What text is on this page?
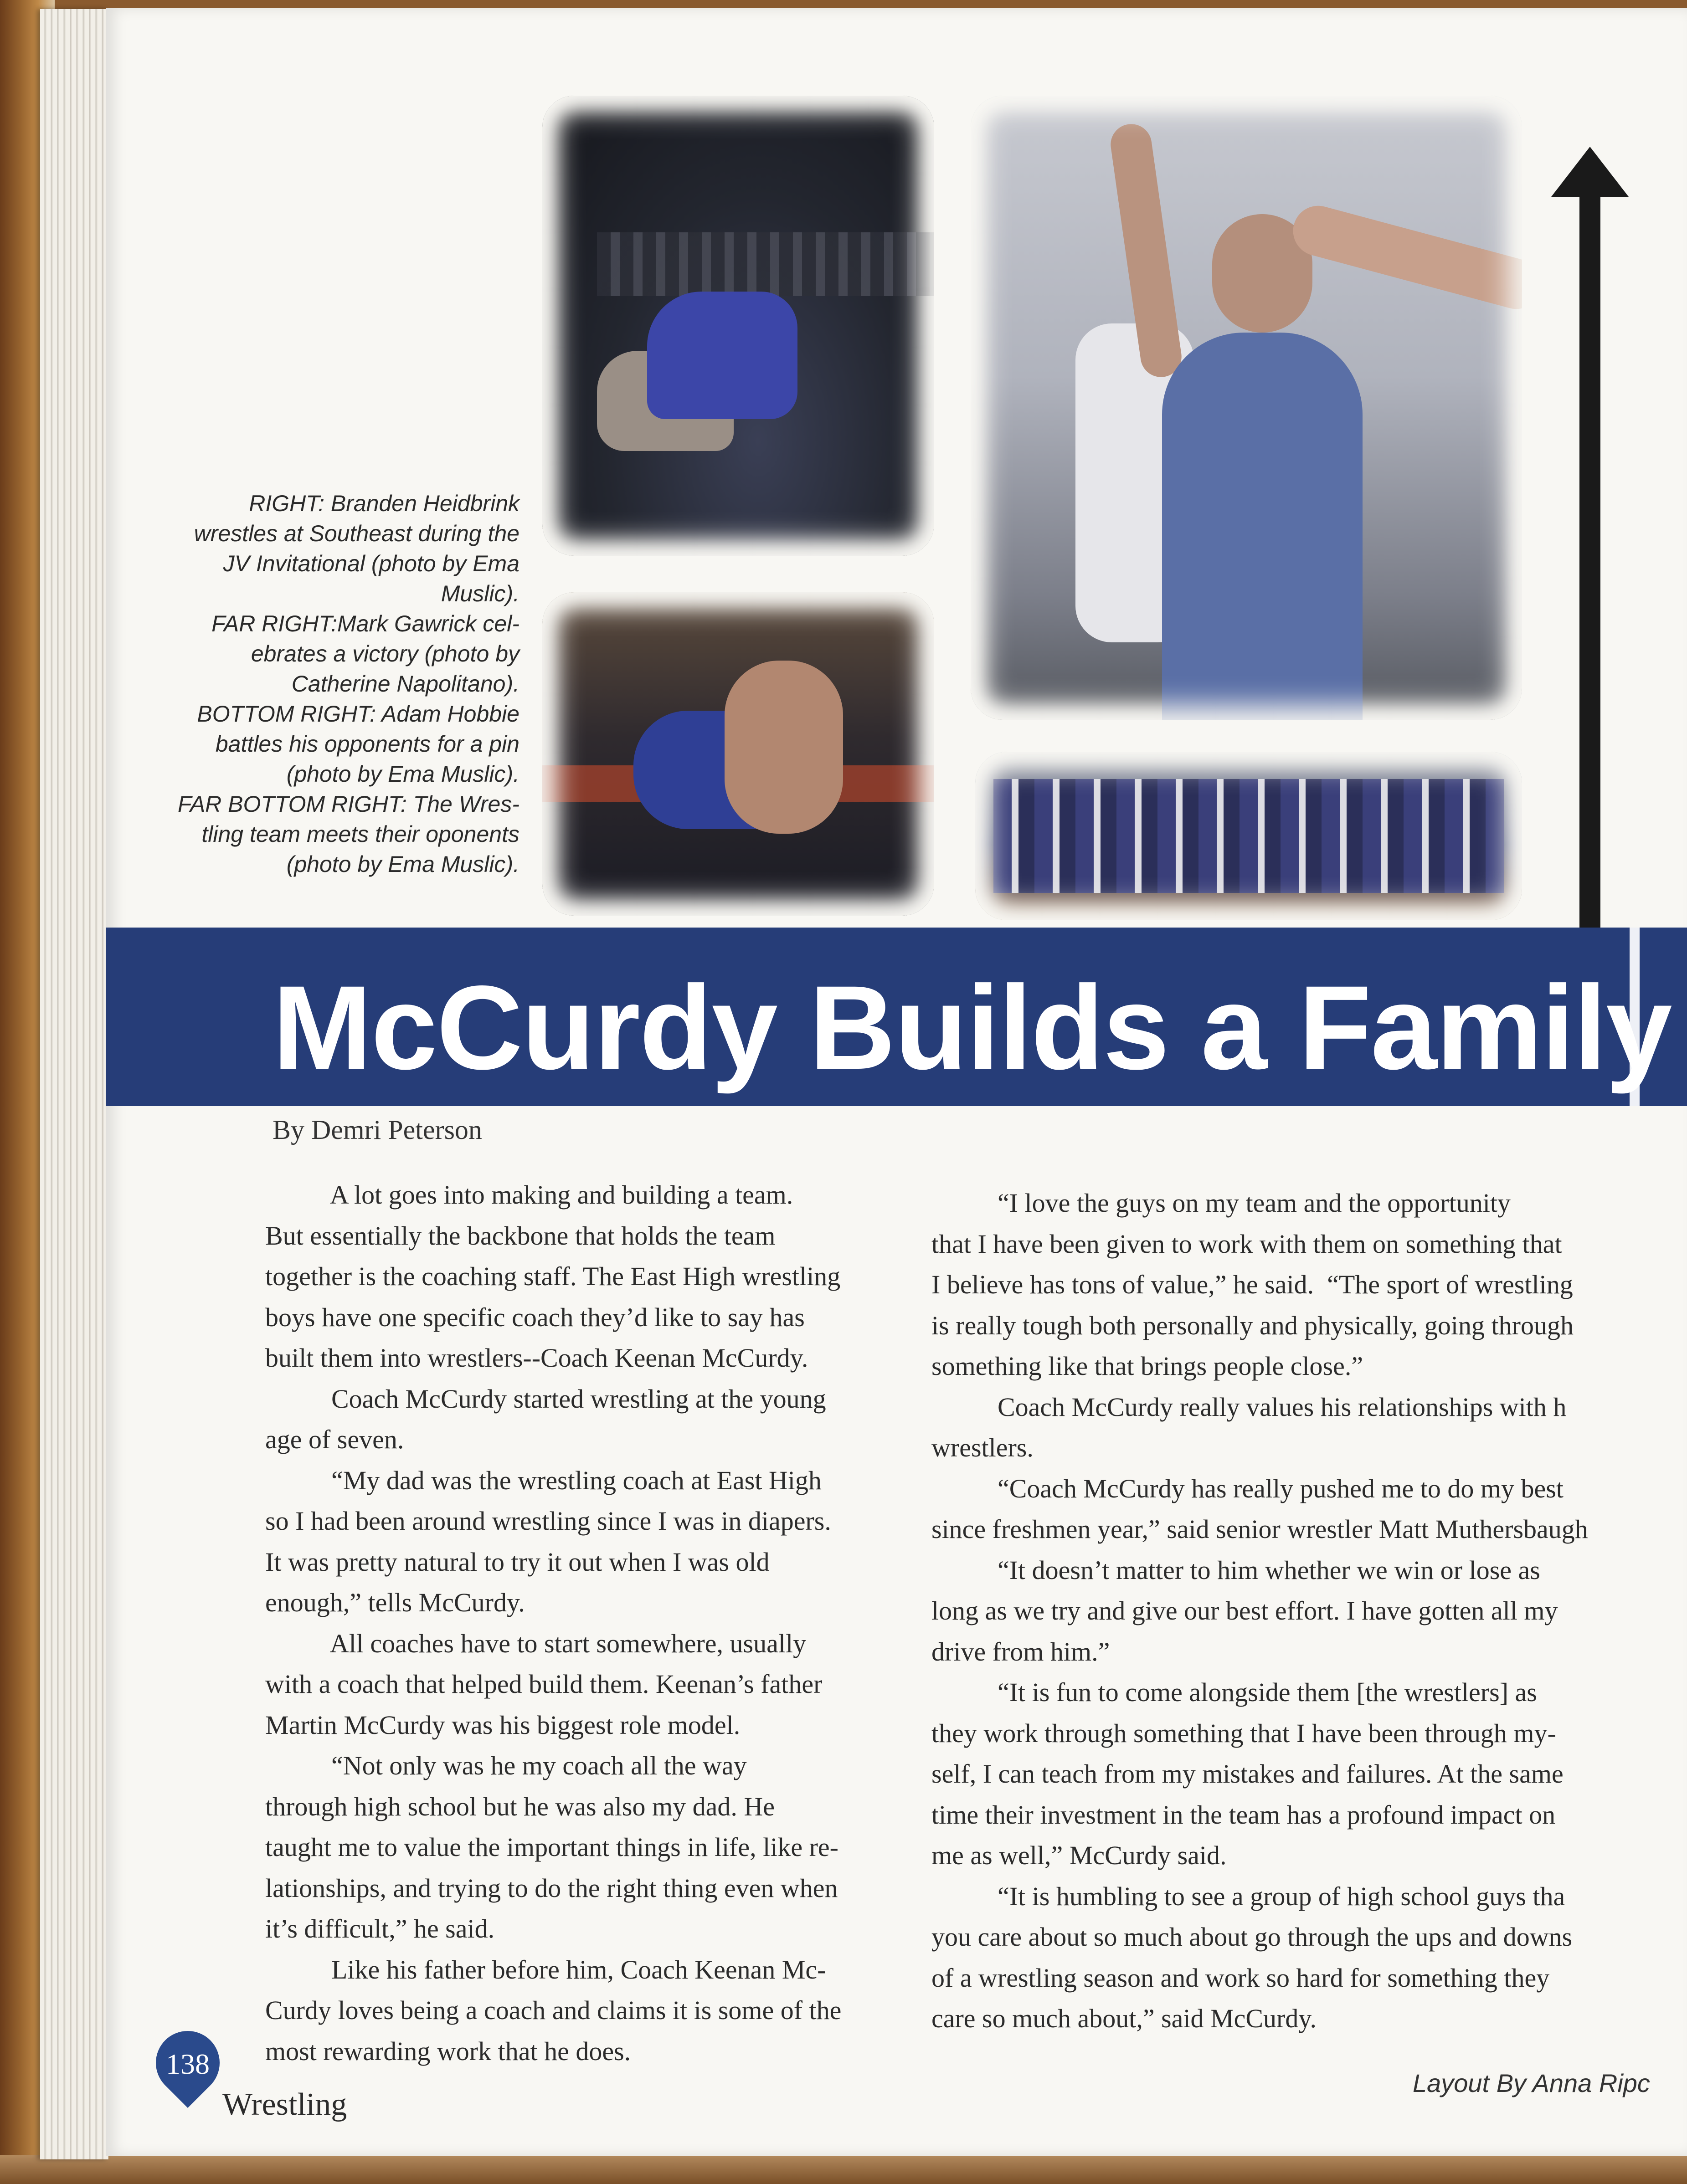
RIGHT: Branden Heidbrink
wrestles at Southeast during the
JV Invitational (photo by Ema
Muslic).
FAR RIGHT:Mark Gawrick cel-
ebrates a victory (photo by
Catherine Napolitano).
BOTTOM RIGHT: Adam Hobbie
battles his opponents for a pin
(photo by Ema Muslic).
FAR BOTTOM RIGHT: The Wres-
tling team meets their oponents
(photo by Ema Muslic).
McCurdy Builds a Family
By Demri Peterson
A lot goes into making and building a team.
But essentially the backbone that holds the team
together is the coaching staff. The East High wrestling
boys have one specific coach they’d like to say has
built them into wrestlers--Coach Keenan McCurdy.
Coach McCurdy started wrestling at the young
age of seven.
“My dad was the wrestling coach at East High
so I had been around wrestling since I was in diapers.
It was pretty natural to try it out when I was old
enough,” tells McCurdy.
All coaches have to start somewhere, usually
with a coach that helped build them. Keenan’s father
Martin McCurdy was his biggest role model.
“Not only was he my coach all the way
through high school but he was also my dad. He
taught me to value the important things in life, like re-
lationships, and trying to do the right thing even when
it’s difficult,” he said.
Like his father before him, Coach Keenan Mc-
Curdy loves being a coach and claims it is some of the
most rewarding work that he does.
“I love the guys on my team and the opportunity
that I have been given to work with them on something that
I believe has tons of value,” he said.  “The sport of wrestling
is really tough both personally and physically, going through
something like that brings people close.”
Coach McCurdy really values his relationships with h
wrestlers.
“Coach McCurdy has really pushed me to do my best
since freshmen year,” said senior wrestler Matt Muthersbaugh
“It doesn’t matter to him whether we win or lose as
long as we try and give our best effort. I have gotten all my
drive from him.”
“It is fun to come alongside them [the wrestlers] as
they work through something that I have been through my-
self, I can teach from my mistakes and failures. At the same
time their investment in the team has a profound impact on
me as well,” McCurdy said.
“It is humbling to see a group of high school guys tha
you care about so much about go through the ups and downs
of a wrestling season and work so hard for something they
care so much about,” said McCurdy.
138
Wrestling
Layout By Anna Ripc
